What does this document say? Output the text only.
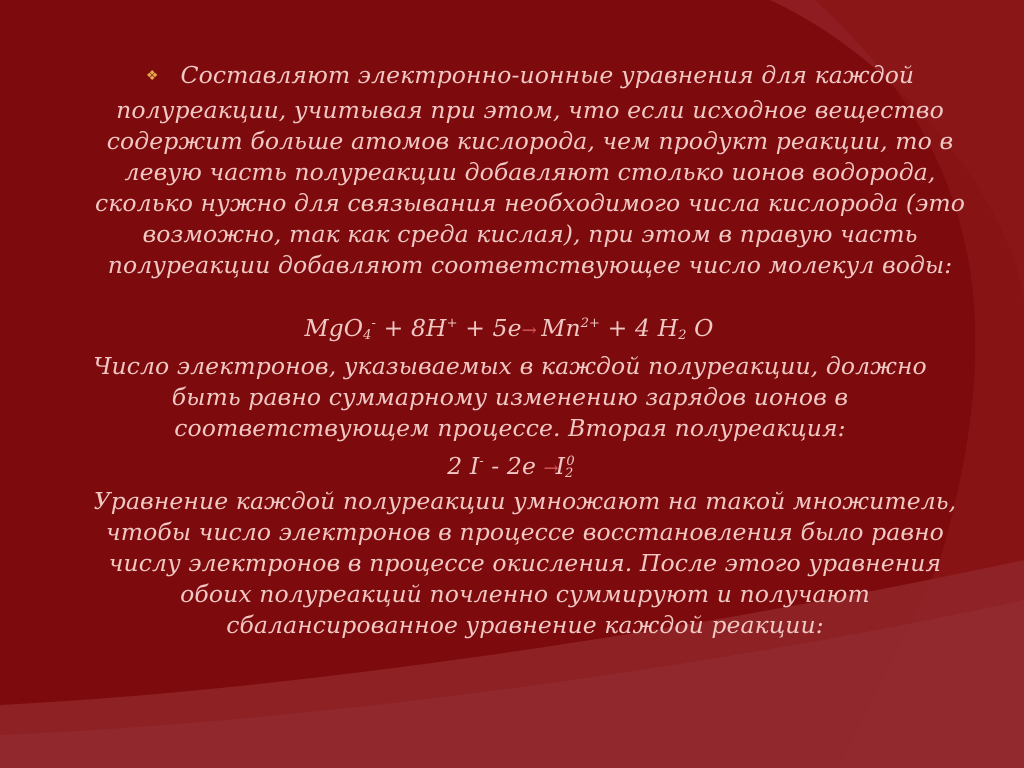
❖ Составляют электронно-ионные уравнения для каждой полуреакции, учитывая при этом, что если исходное вещество содержит больше атомов кислорода, чем продукт реакции, то в левую часть полуреакции добавляют столько ионов водорода, сколько нужно для связывания необходимого числа кислорода (это возможно, так как среда кислая), при этом в правую часть полуреакции добавляют соответствующее число молекул воды:

$MgO_4^- + 8H^+ + 5e\to Mn^{2+} + 4$ $H_2$ O

Число электронов, указываемых в каждой полуреакции, должно быть равно суммарному изменению зарядов ионов в соответствующем процессе. Вторая полуреакция:

2 $I^- - 2e \to I_2^0$

Уравнение каждой полуреакции умножают на такой множитель, чтобы число электронов в процессе восстановления было равно числу электронов в процессе окисления. После этого уравнения обоих полуреакций почленно суммируют и получают сбалансированное уравнение каждой реакции:
